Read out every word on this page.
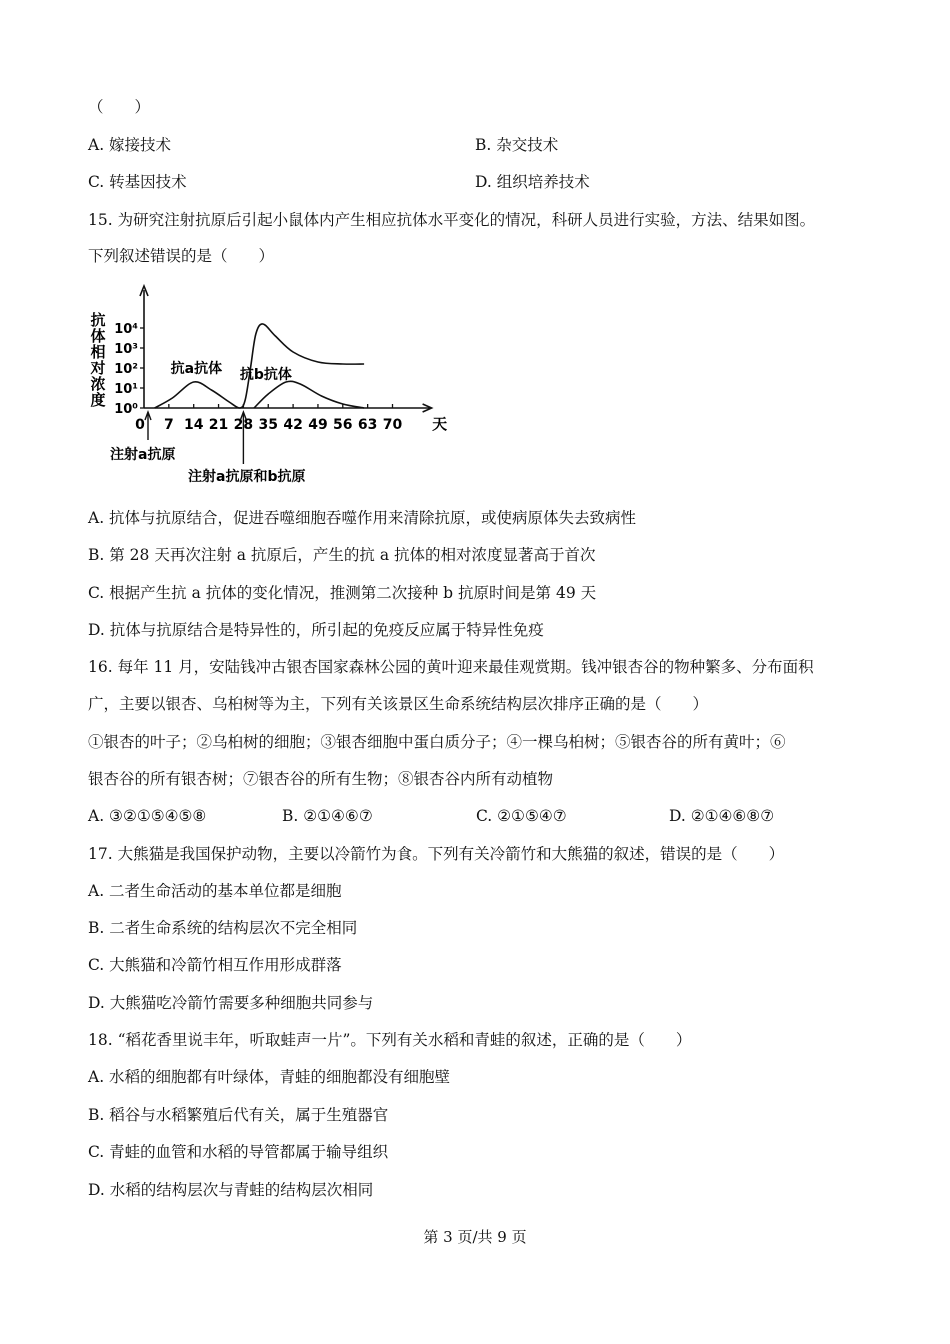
（　　）
A. 嫁接技术	B. 杂交技术
C. 转基因技术	D. 组织培养技术
15. 为研究注射抗原后引起小鼠体内产生相应抗体水平变化的情况，科研人员进行实验，方法、结果如图。
下列叙述错误的是（　　）
抗体相对浓度
10⁰
10¹
10²
10³
10⁴
0 7 14 21 28 35 42 49 56 63 70 天
抗a抗体 抗b抗体
注射a抗原
注射a抗原和b抗原
A. 抗体与抗原结合，促进吞噬细胞吞噬作用来清除抗原，或使病原体失去致病性
B. 第 28 天再次注射 a 抗原后，产生的抗 a 抗体的相对浓度显著高于首次
C. 根据产生抗 a 抗体的变化情况，推测第二次接种 b 抗原时间是第 49 天
D. 抗体与抗原结合是特异性的，所引起的免疫反应属于特异性免疫
16. 每年 11 月，安陆钱冲古银杏国家森林公园的黄叶迎来最佳观赏期。钱冲银杏谷的物种繁多、分布面积
广，主要以银杏、乌桕树等为主，下列有关该景区生命系统结构层次排序正确的是（　　）
①银杏的叶子；②乌桕树的细胞；③银杏细胞中蛋白质分子；④一棵乌桕树；⑤银杏谷的所有黄叶；⑥
银杏谷的所有银杏树；⑦银杏谷的所有生物；⑧银杏谷内所有动植物
A. ③②①⑤④⑤⑧	B. ②①④⑥⑦	C. ②①⑤④⑦	D. ②①④⑥⑧⑦
17. 大熊猫是我国保护动物，主要以冷箭竹为食。下列有关冷箭竹和大熊猫的叙述，错误的是（　　）
A. 二者生命活动的基本单位都是细胞
B. 二者生命系统的结构层次不完全相同
C. 大熊猫和冷箭竹相互作用形成群落
D. 大熊猫吃冷箭竹需要多种细胞共同参与
18. “稻花香里说丰年，听取蛙声一片”。下列有关水稻和青蛙的叙述，正确的是（　　）
A. 水稻的细胞都有叶绿体，青蛙的细胞都没有细胞壁
B. 稻谷与水稻繁殖后代有关，属于生殖器官
C. 青蛙的血管和水稻的导管都属于输导组织
D. 水稻的结构层次与青蛙的结构层次相同
第 3 页/共 9 页
